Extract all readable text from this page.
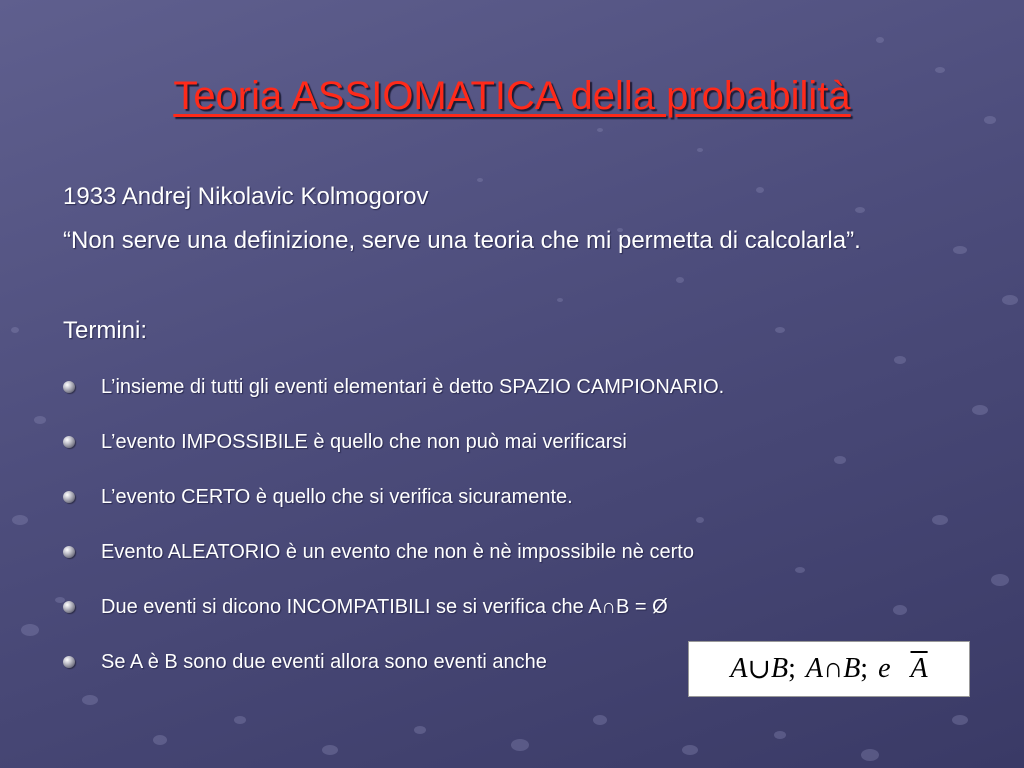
Teoria ASSIOMATICA della probabilità
1933 Andrej Nikolavic Kolmogorov
“Non serve una definizione, serve una teoria che mi permetta di calcolarla”.
Termini:
L’insieme di tutti gli eventi elementari è detto SPAZIO CAMPIONARIO.
L’evento IMPOSSIBILE è quello che non può mai verificarsi
L’evento CERTO è quello che si verifica sicuramente.
Evento ALEATORIO è un evento che non è nè impossibile nè certo
Due eventi si dicono INCOMPATIBILI se si verifica che A∩B = Ø
Se A è B sono due eventi allora sono eventi anche	A ∪ B ; A ∩ B ; e $\overline{A}$
